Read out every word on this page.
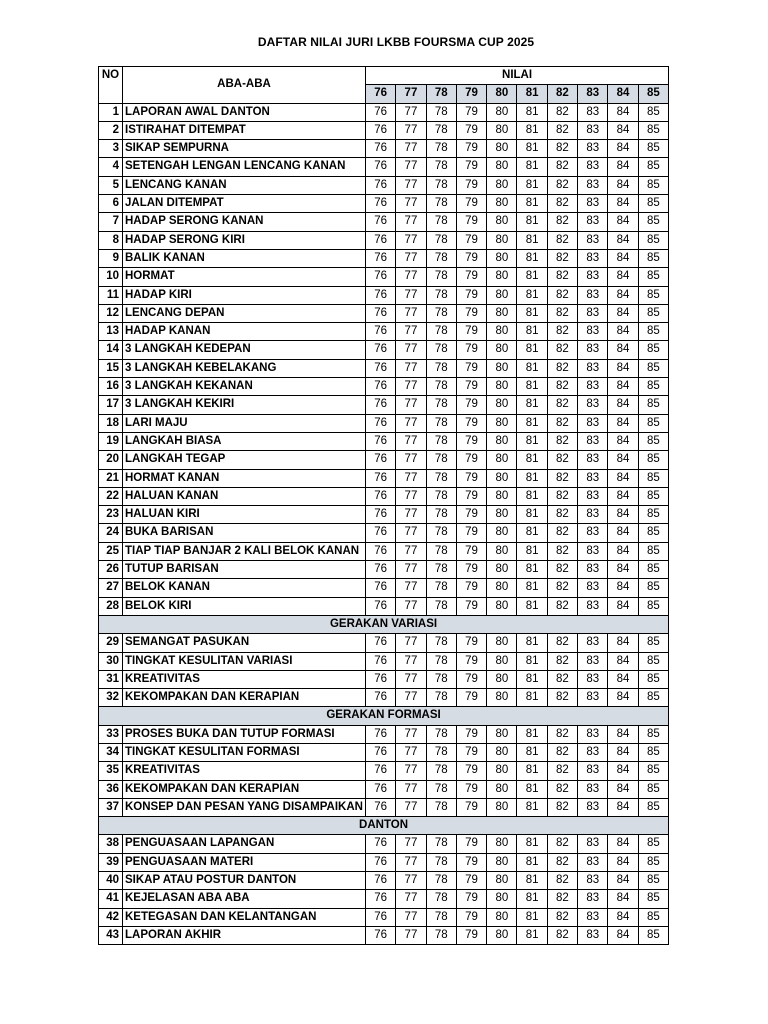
DAFTAR NILAI JURI LKBB FOURSMA CUP 2025
NO	ABA-ABA	NILAI									
		76	77	78	79	80	81	82	83	84	85
1	LAPORAN AWAL DANTON	76	77	78	79	80	81	82	83	84	85
2	ISTIRAHAT DITEMPAT	76	77	78	79	80	81	82	83	84	85
3	SIKAP SEMPURNA	76	77	78	79	80	81	82	83	84	85
4	SETENGAH LENGAN LENCANG KANAN	76	77	78	79	80	81	82	83	84	85
5	LENCANG KANAN	76	77	78	79	80	81	82	83	84	85
6	JALAN DITEMPAT	76	77	78	79	80	81	82	83	84	85
7	HADAP SERONG KANAN	76	77	78	79	80	81	82	83	84	85
8	HADAP SERONG KIRI	76	77	78	79	80	81	82	83	84	85
9	BALIK KANAN	76	77	78	79	80	81	82	83	84	85
10	HORMAT	76	77	78	79	80	81	82	83	84	85
11	HADAP KIRI	76	77	78	79	80	81	82	83	84	85
12	LENCANG DEPAN	76	77	78	79	80	81	82	83	84	85
13	HADAP KANAN	76	77	78	79	80	81	82	83	84	85
14	3 LANGKAH KEDEPAN	76	77	78	79	80	81	82	83	84	85
15	3 LANGKAH KEBELAKANG	76	77	78	79	80	81	82	83	84	85
16	3 LANGKAH KEKANAN	76	77	78	79	80	81	82	83	84	85
17	3 LANGKAH KEKIRI	76	77	78	79	80	81	82	83	84	85
18	LARI MAJU	76	77	78	79	80	81	82	83	84	85
19	LANGKAH BIASA	76	77	78	79	80	81	82	83	84	85
20	LANGKAH TEGAP	76	77	78	79	80	81	82	83	84	85
21	HORMAT KANAN	76	77	78	79	80	81	82	83	84	85
22	HALUAN KANAN	76	77	78	79	80	81	82	83	84	85
23	HALUAN KIRI	76	77	78	79	80	81	82	83	84	85
24	BUKA BARISAN	76	77	78	79	80	81	82	83	84	85
25	TIAP TIAP BANJAR 2 KALI BELOK KANAN	76	77	78	79	80	81	82	83	84	85
26	TUTUP BARISAN	76	77	78	79	80	81	82	83	84	85
27	BELOK KANAN	76	77	78	79	80	81	82	83	84	85
28	BELOK KIRI	76	77	78	79	80	81	82	83	84	85
GERAKAN VARIASI											
29	SEMANGAT PASUKAN	76	77	78	79	80	81	82	83	84	85
30	TINGKAT KESULITAN VARIASI	76	77	78	79	80	81	82	83	84	85
31	KREATIVITAS	76	77	78	79	80	81	82	83	84	85
32	KEKOMPAKAN DAN KERAPIAN	76	77	78	79	80	81	82	83	84	85
GERAKAN FORMASI											
33	PROSES BUKA DAN TUTUP FORMASI	76	77	78	79	80	81	82	83	84	85
34	TINGKAT KESULITAN FORMASI	76	77	78	79	80	81	82	83	84	85
35	KREATIVITAS	76	77	78	79	80	81	82	83	84	85
36	KEKOMPAKAN DAN KERAPIAN	76	77	78	79	80	81	82	83	84	85
37	KONSEP DAN PESAN YANG DISAMPAIKAN	76	77	78	79	80	81	82	83	84	85
DANTON											
38	PENGUASAAN LAPANGAN	76	77	78	79	80	81	82	83	84	85
39	PENGUASAAN MATERI	76	77	78	79	80	81	82	83	84	85
40	SIKAP ATAU POSTUR DANTON	76	77	78	79	80	81	82	83	84	85
41	KEJELASAN ABA ABA	76	77	78	79	80	81	82	83	84	85
42	KETEGASAN DAN KELANTANGAN	76	77	78	79	80	81	82	83	84	85
43	LAPORAN AKHIR	76	77	78	79	80	81	82	83	84	85
